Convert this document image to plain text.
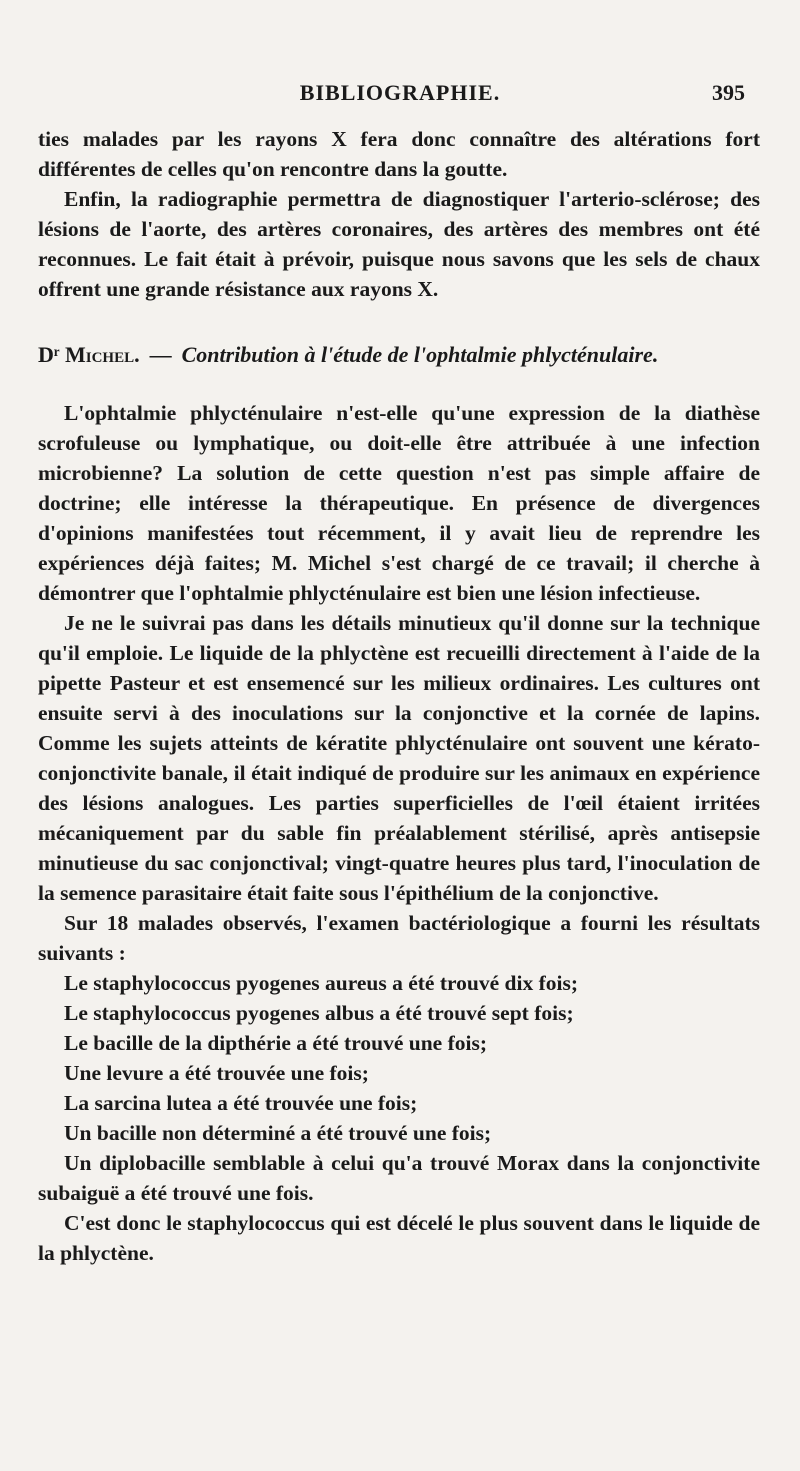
BIBLIOGRAPHIE.	395

ties malades par les rayons X fera donc connaître des altérations fort différentes de celles qu'on rencontre dans la goutte.

Enfin, la radiographie permettra de diagnostiquer l'arterio-sclérose; des lésions de l'aorte, des artères coronaires, des artères des membres ont été reconnues. Le fait était à prévoir, puisque nous savons que les sels de chaux offrent une grande résistance aux rayons X.

Dʳ Michel. — Contribution à l'étude de l'ophtalmie phlycténulaire.

L'ophtalmie phlycténulaire n'est-elle qu'une expression de la diathèse scrofuleuse ou lymphatique, ou doit-elle être attribuée à une infection microbienne? La solution de cette question n'est pas simple affaire de doctrine; elle intéresse la thérapeutique. En présence de divergences d'opinions manifestées tout récemment, il y avait lieu de reprendre les expériences déjà faites; M. Michel s'est chargé de ce travail; il cherche à démontrer que l'ophtalmie phlycténulaire est bien une lésion infectieuse.

Je ne le suivrai pas dans les détails minutieux qu'il donne sur la technique qu'il emploie. Le liquide de la phlyctène est recueilli directement à l'aide de la pipette Pasteur et est ensemencé sur les milieux ordinaires. Les cultures ont ensuite servi à des inoculations sur la conjonctive et la cornée de lapins. Comme les sujets atteints de kératite phlycténulaire ont souvent une kérato-conjonctivite banale, il était indiqué de produire sur les animaux en expérience des lésions analogues. Les parties superficielles de l'œil étaient irritées mécaniquement par du sable fin préalablement stérilisé, après antisepsie minutieuse du sac conjonctival; vingt-quatre heures plus tard, l'inoculation de la semence parasitaire était faite sous l'épithélium de la conjonctive.

Sur 18 malades observés, l'examen bactériologique a fourni les résultats suivants :

Le staphylococcus pyogenes aureus a été trouvé dix fois;
Le staphylococcus pyogenes albus a été trouvé sept fois;
Le bacille de la dipthérie a été trouvé une fois;
Une levure a été trouvée une fois;
La sarcina lutea a été trouvée une fois;
Un bacille non déterminé a été trouvé une fois;
Un diplobacille semblable à celui qu'a trouvé Morax dans la conjonctivite subaiguë a été trouvé une fois.

C'est donc le staphylococcus qui est décelé le plus souvent dans le liquide de la phlyctène.
